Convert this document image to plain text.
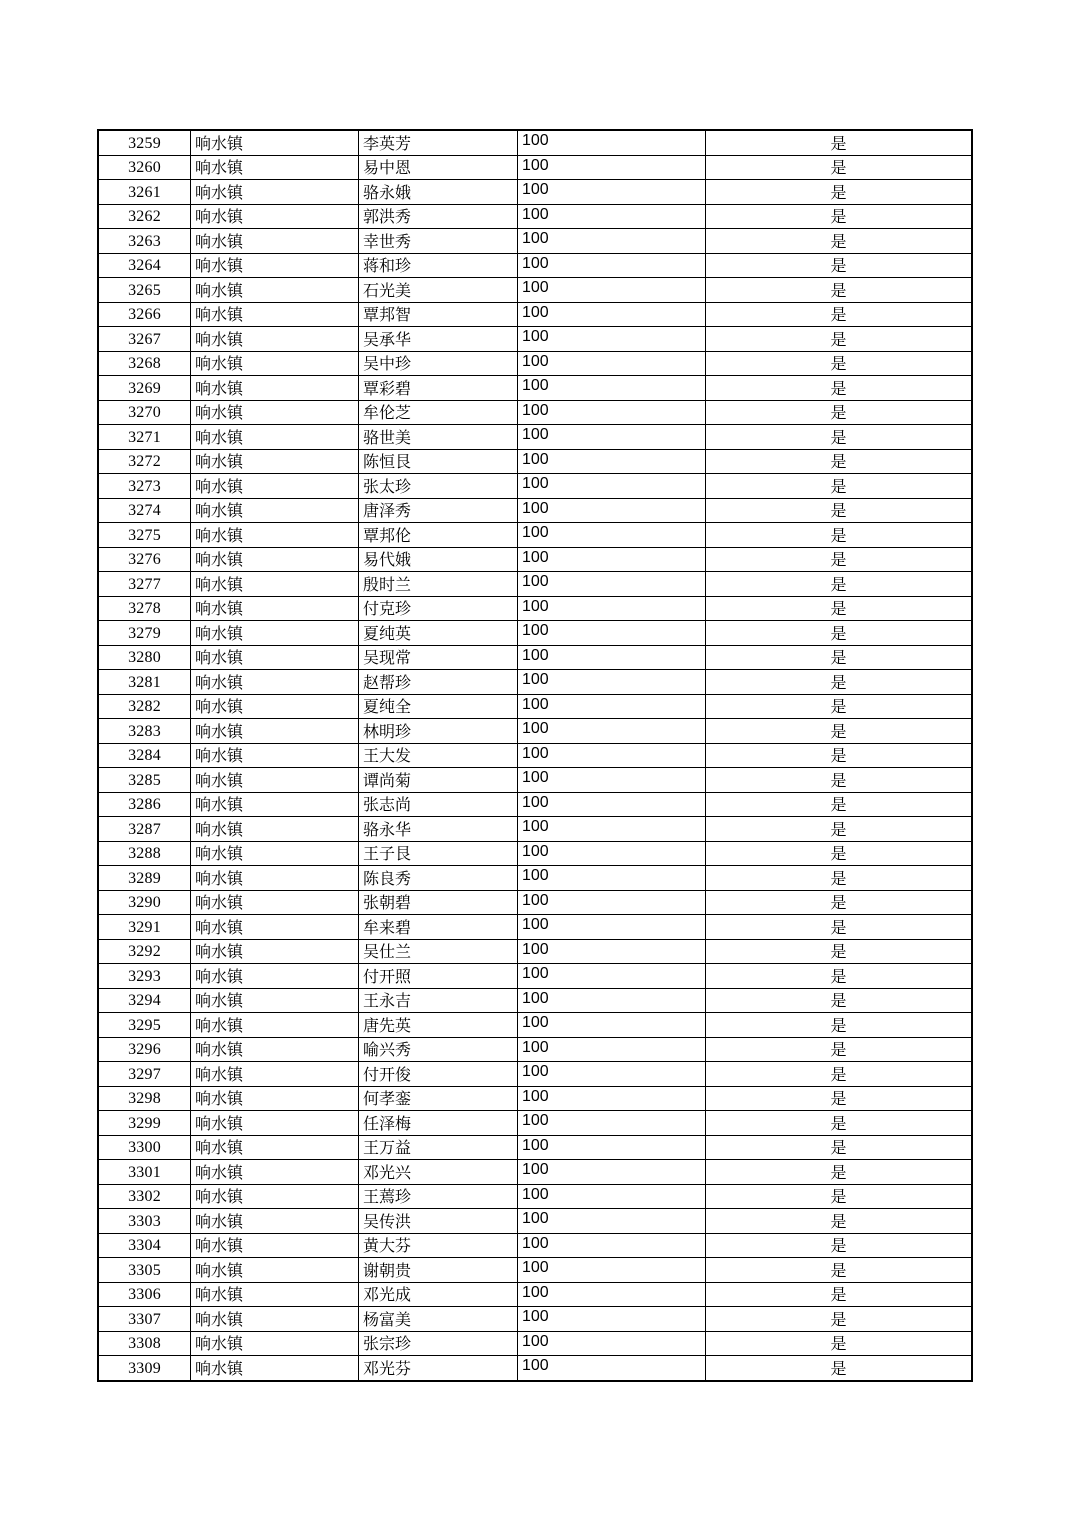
3259	响水镇	李英芳	100	是
3260	响水镇	易中恩	100	是
3261	响水镇	骆永娥	100	是
3262	响水镇	郭洪秀	100	是
3263	响水镇	幸世秀	100	是
3264	响水镇	蒋和珍	100	是
3265	响水镇	石光美	100	是
3266	响水镇	覃邦智	100	是
3267	响水镇	吴承华	100	是
3268	响水镇	吴中珍	100	是
3269	响水镇	覃彩碧	100	是
3270	响水镇	牟伦芝	100	是
3271	响水镇	骆世美	100	是
3272	响水镇	陈恒艮	100	是
3273	响水镇	张太珍	100	是
3274	响水镇	唐泽秀	100	是
3275	响水镇	覃邦伦	100	是
3276	响水镇	易代娥	100	是
3277	响水镇	殷时兰	100	是
3278	响水镇	付克珍	100	是
3279	响水镇	夏纯英	100	是
3280	响水镇	吴现常	100	是
3281	响水镇	赵帮珍	100	是
3282	响水镇	夏纯全	100	是
3283	响水镇	林明珍	100	是
3284	响水镇	王大发	100	是
3285	响水镇	谭尚菊	100	是
3286	响水镇	张志尚	100	是
3287	响水镇	骆永华	100	是
3288	响水镇	王子艮	100	是
3289	响水镇	陈良秀	100	是
3290	响水镇	张朝碧	100	是
3291	响水镇	牟来碧	100	是
3292	响水镇	吴仕兰	100	是
3293	响水镇	付开照	100	是
3294	响水镇	王永吉	100	是
3295	响水镇	唐先英	100	是
3296	响水镇	喻兴秀	100	是
3297	响水镇	付开俊	100	是
3298	响水镇	何孝銮	100	是
3299	响水镇	任泽梅	100	是
3300	响水镇	王万益	100	是
3301	响水镇	邓光兴	100	是
3302	响水镇	王蔫珍	100	是
3303	响水镇	吴传洪	100	是
3304	响水镇	黄大芬	100	是
3305	响水镇	谢朝贵	100	是
3306	响水镇	邓光成	100	是
3307	响水镇	杨富美	100	是
3308	响水镇	张宗珍	100	是
3309	响水镇	邓光芬	100	是
